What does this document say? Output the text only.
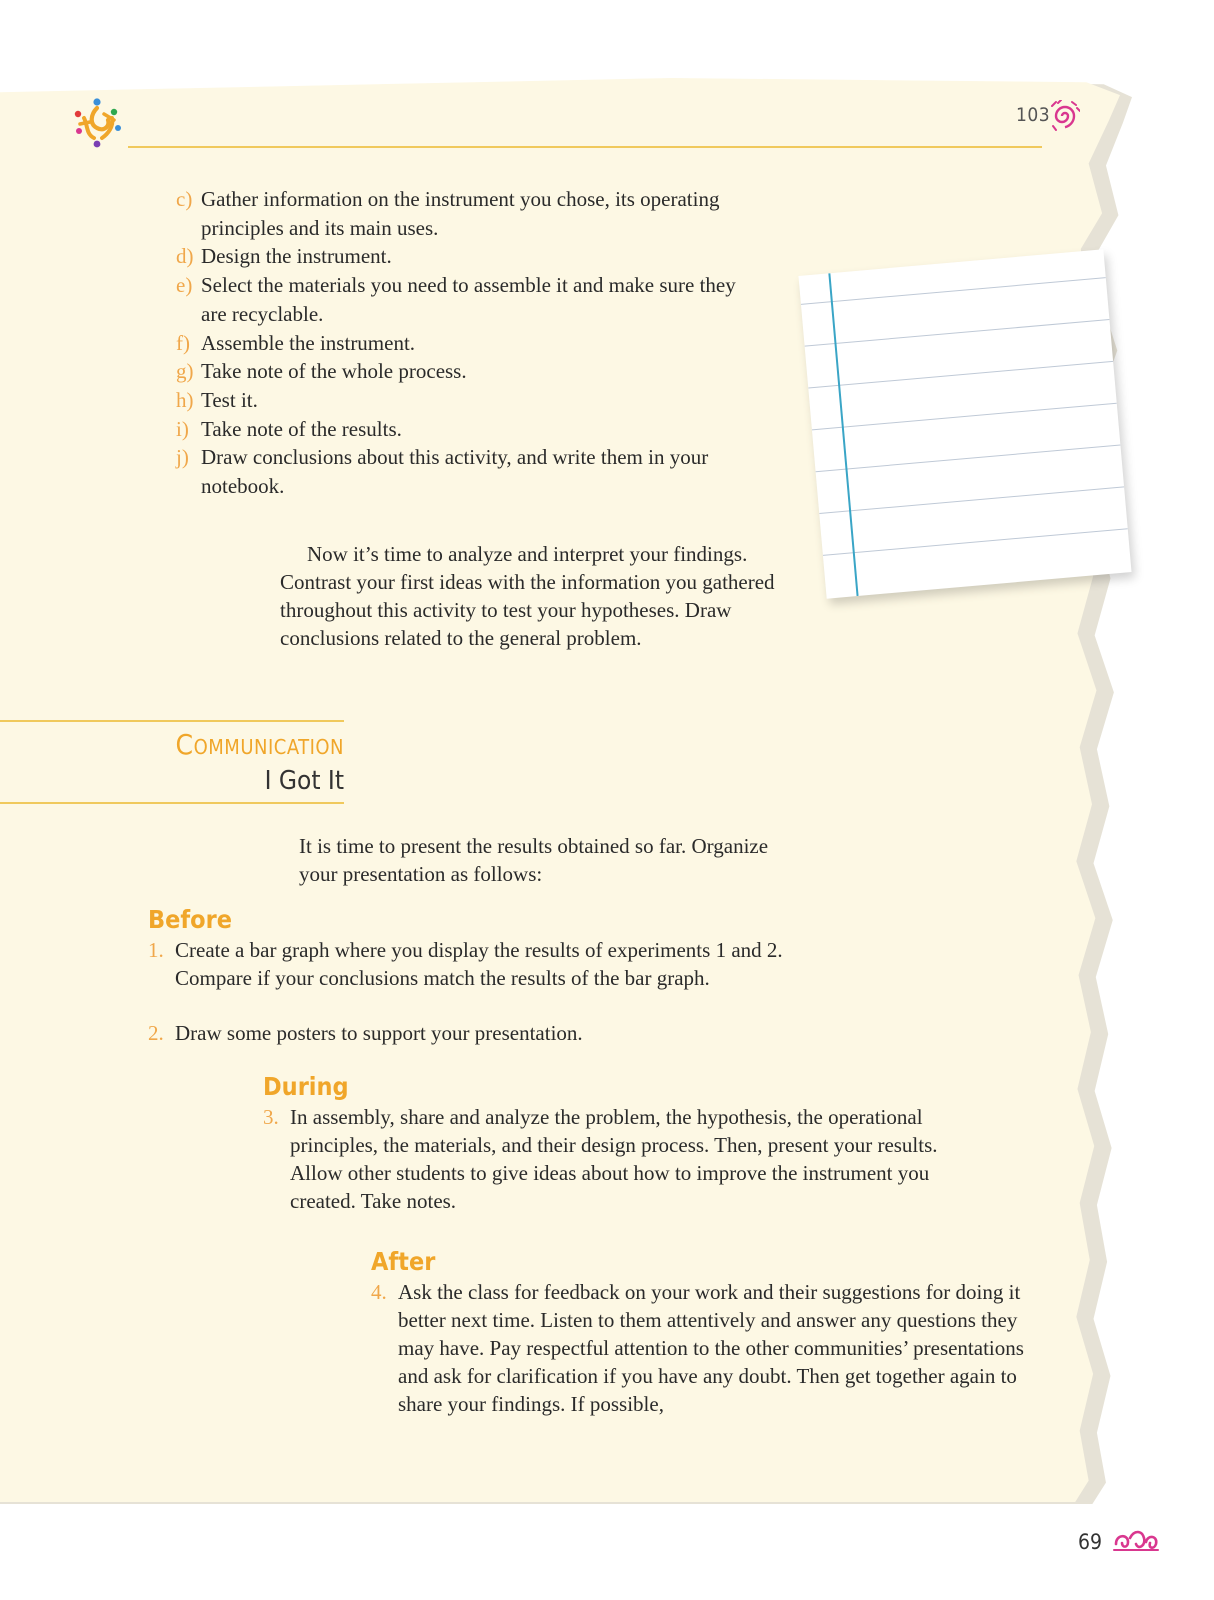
103
c) Gather information on the instrument you chose, its operating principles and its main uses.
d) Design the instrument.
e) Select the materials you need to assemble it and make sure they are recyclable.
f) Assemble the instrument.
g) Take note of the whole process.
h) Test it.
i) Take note of the results.
j) Draw conclusions about this activity, and write them in your notebook.

Now it’s time to analyze and interpret your findings. Contrast your first ideas with the information you gathered throughout this activity to test your hypotheses. Draw conclusions related to the general problem.

Communication
I Got It
It is time to present the results obtained so far. Organize your presentation as follows:
Before
1. Create a bar graph where you display the results of experiments 1 and 2. Compare if your conclusions match the results of the bar graph.
2. Draw some posters to support your presentation.
During
3. In assembly, share and analyze the problem, the hypothesis, the operational principles, the materials, and their design process. Then, present your results. Allow other students to give ideas about how to improve the instrument you created. Take notes.
After
4. Ask the class for feedback on your work and their suggestions for doing it better next time. Listen to them attentively and answer any questions they may have. Pay respectful attention to the other communities’ presentations and ask for clarification if you have any doubt. Then get together again to share your findings. If possible,
69
